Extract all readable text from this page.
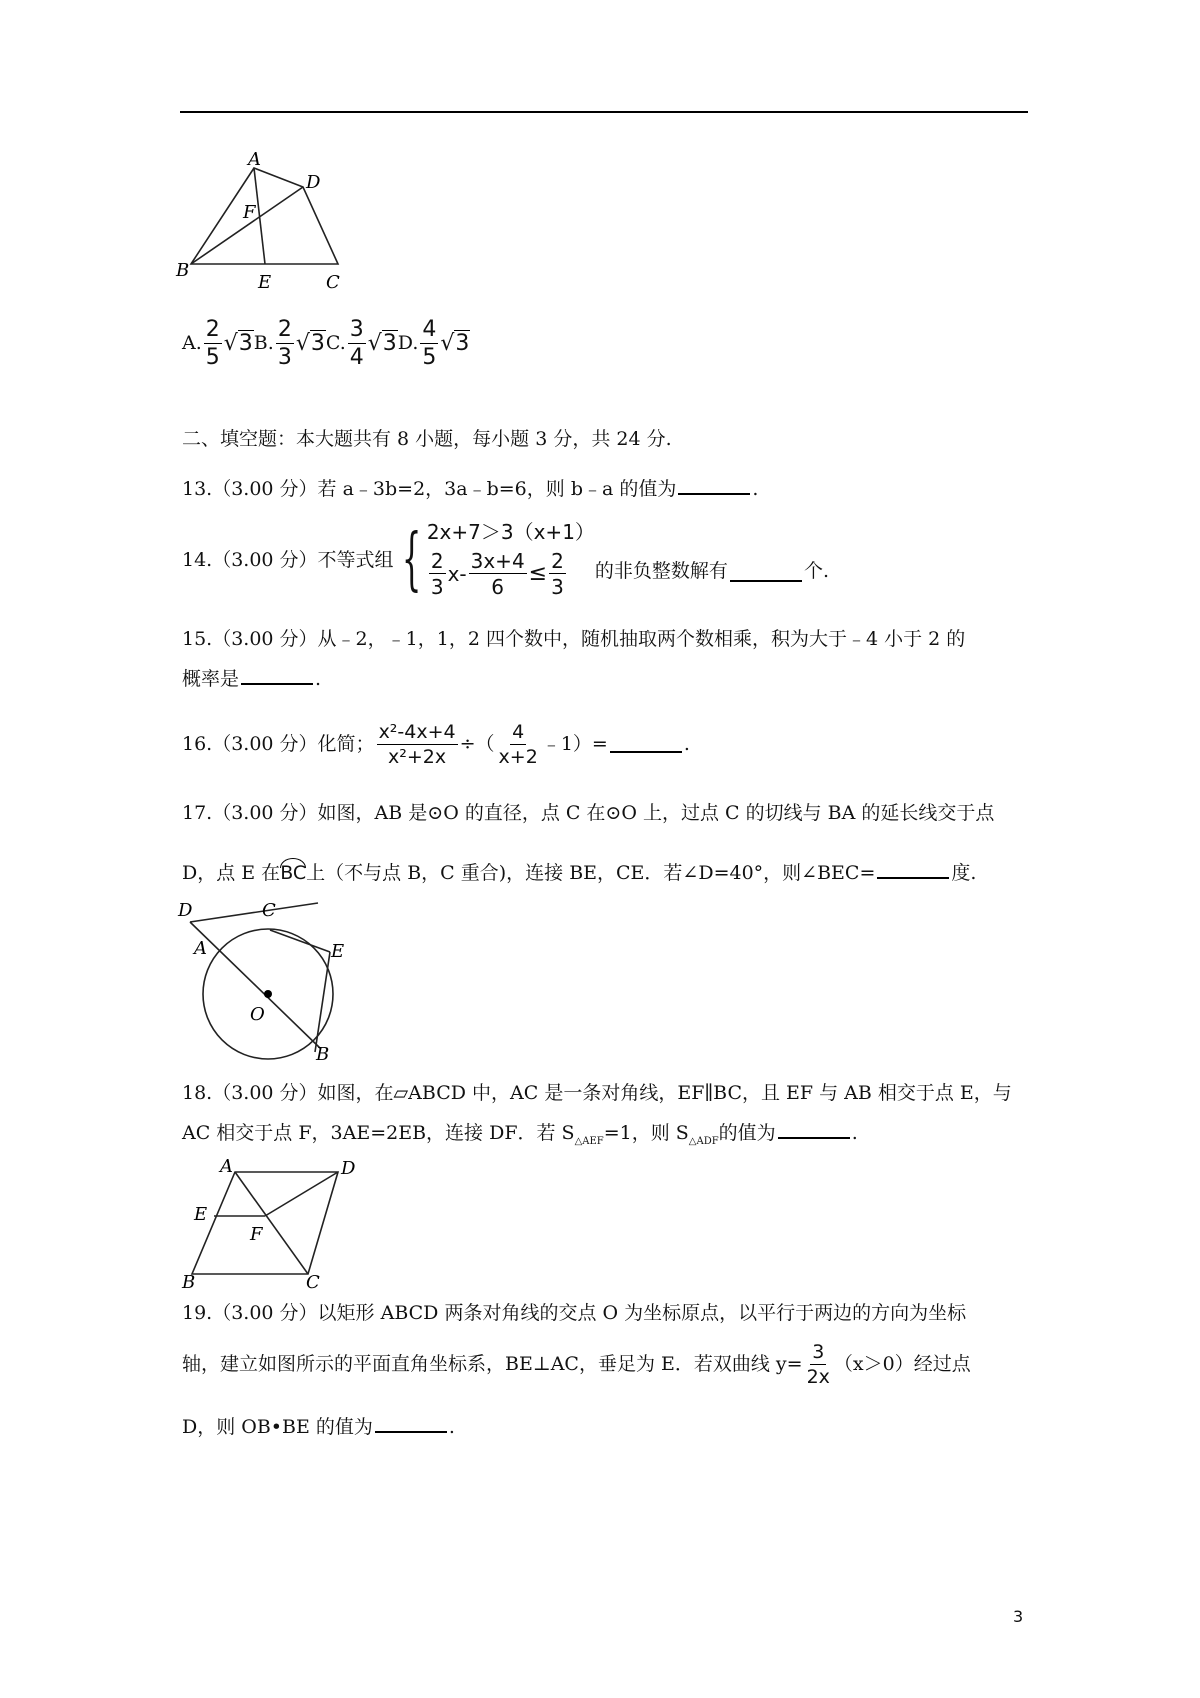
A
D
F
B
E	C
A. $\frac{2}{5} √3$ B. $\frac{2}{3} √3$ C. $\frac{3}{4} √3$ D. $\frac{4}{5} √3$
二、填空题：本大题共有 8 小题，每小题 3 分，共 24 分.
13.（3.00 分）若 a﹣3b=2，3a﹣b=6，则 b﹣a 的值为	.
14.（3.00 分）不等式组 { 2x+7＞3（x+1）
$\frac{2}{3} x- \frac{3x+4}{6} \le \frac{2}{3}$ 的非负整数解有	个.
15.（3.00 分）从﹣2，﹣1，1，2 四个数中，随机抽取两个数相乘，积为大于﹣4 小于 2 的
概率是	.
16.（3.00 分）化简； $\frac{\text{x²-4x+4}}{\text{x²+2x}}$ ÷（ $\frac{4}{x+2}$ ﹣1）=	.
17.（3.00 分）如图，AB 是⊙O 的直径，点 C 在⊙O 上，过点 C 的切线与 BA 的延长线交于点
D，点 E 在BC上（不与点 B，C 重合)，连接 BE，CE．若∠D=40°，则∠BEC=	度.
D	C
A	E
O
B
18.（3.00 分）如图，在▱ABCD 中，AC 是一条对角线，EF∥BC，且 EF 与 AB 相交于点 E，与
AC 相交于点 F，3AE=2EB，连接 DF．若 $S_{\triangle AEF}=1$，则 $S_{\triangle ADF}$的值为	.
A	D
E
F
B	C
19.（3.00 分）以矩形 ABCD 两条对角线的交点 O 为坐标原点，以平行于两边的方向为坐标
轴，建立如图所示的平面直角坐标系，BE⊥AC，垂足为 E．若双曲线 $y= \frac{3}{2x} (x>0)$经过点
D，则 OB•BE 的值为	.
3
